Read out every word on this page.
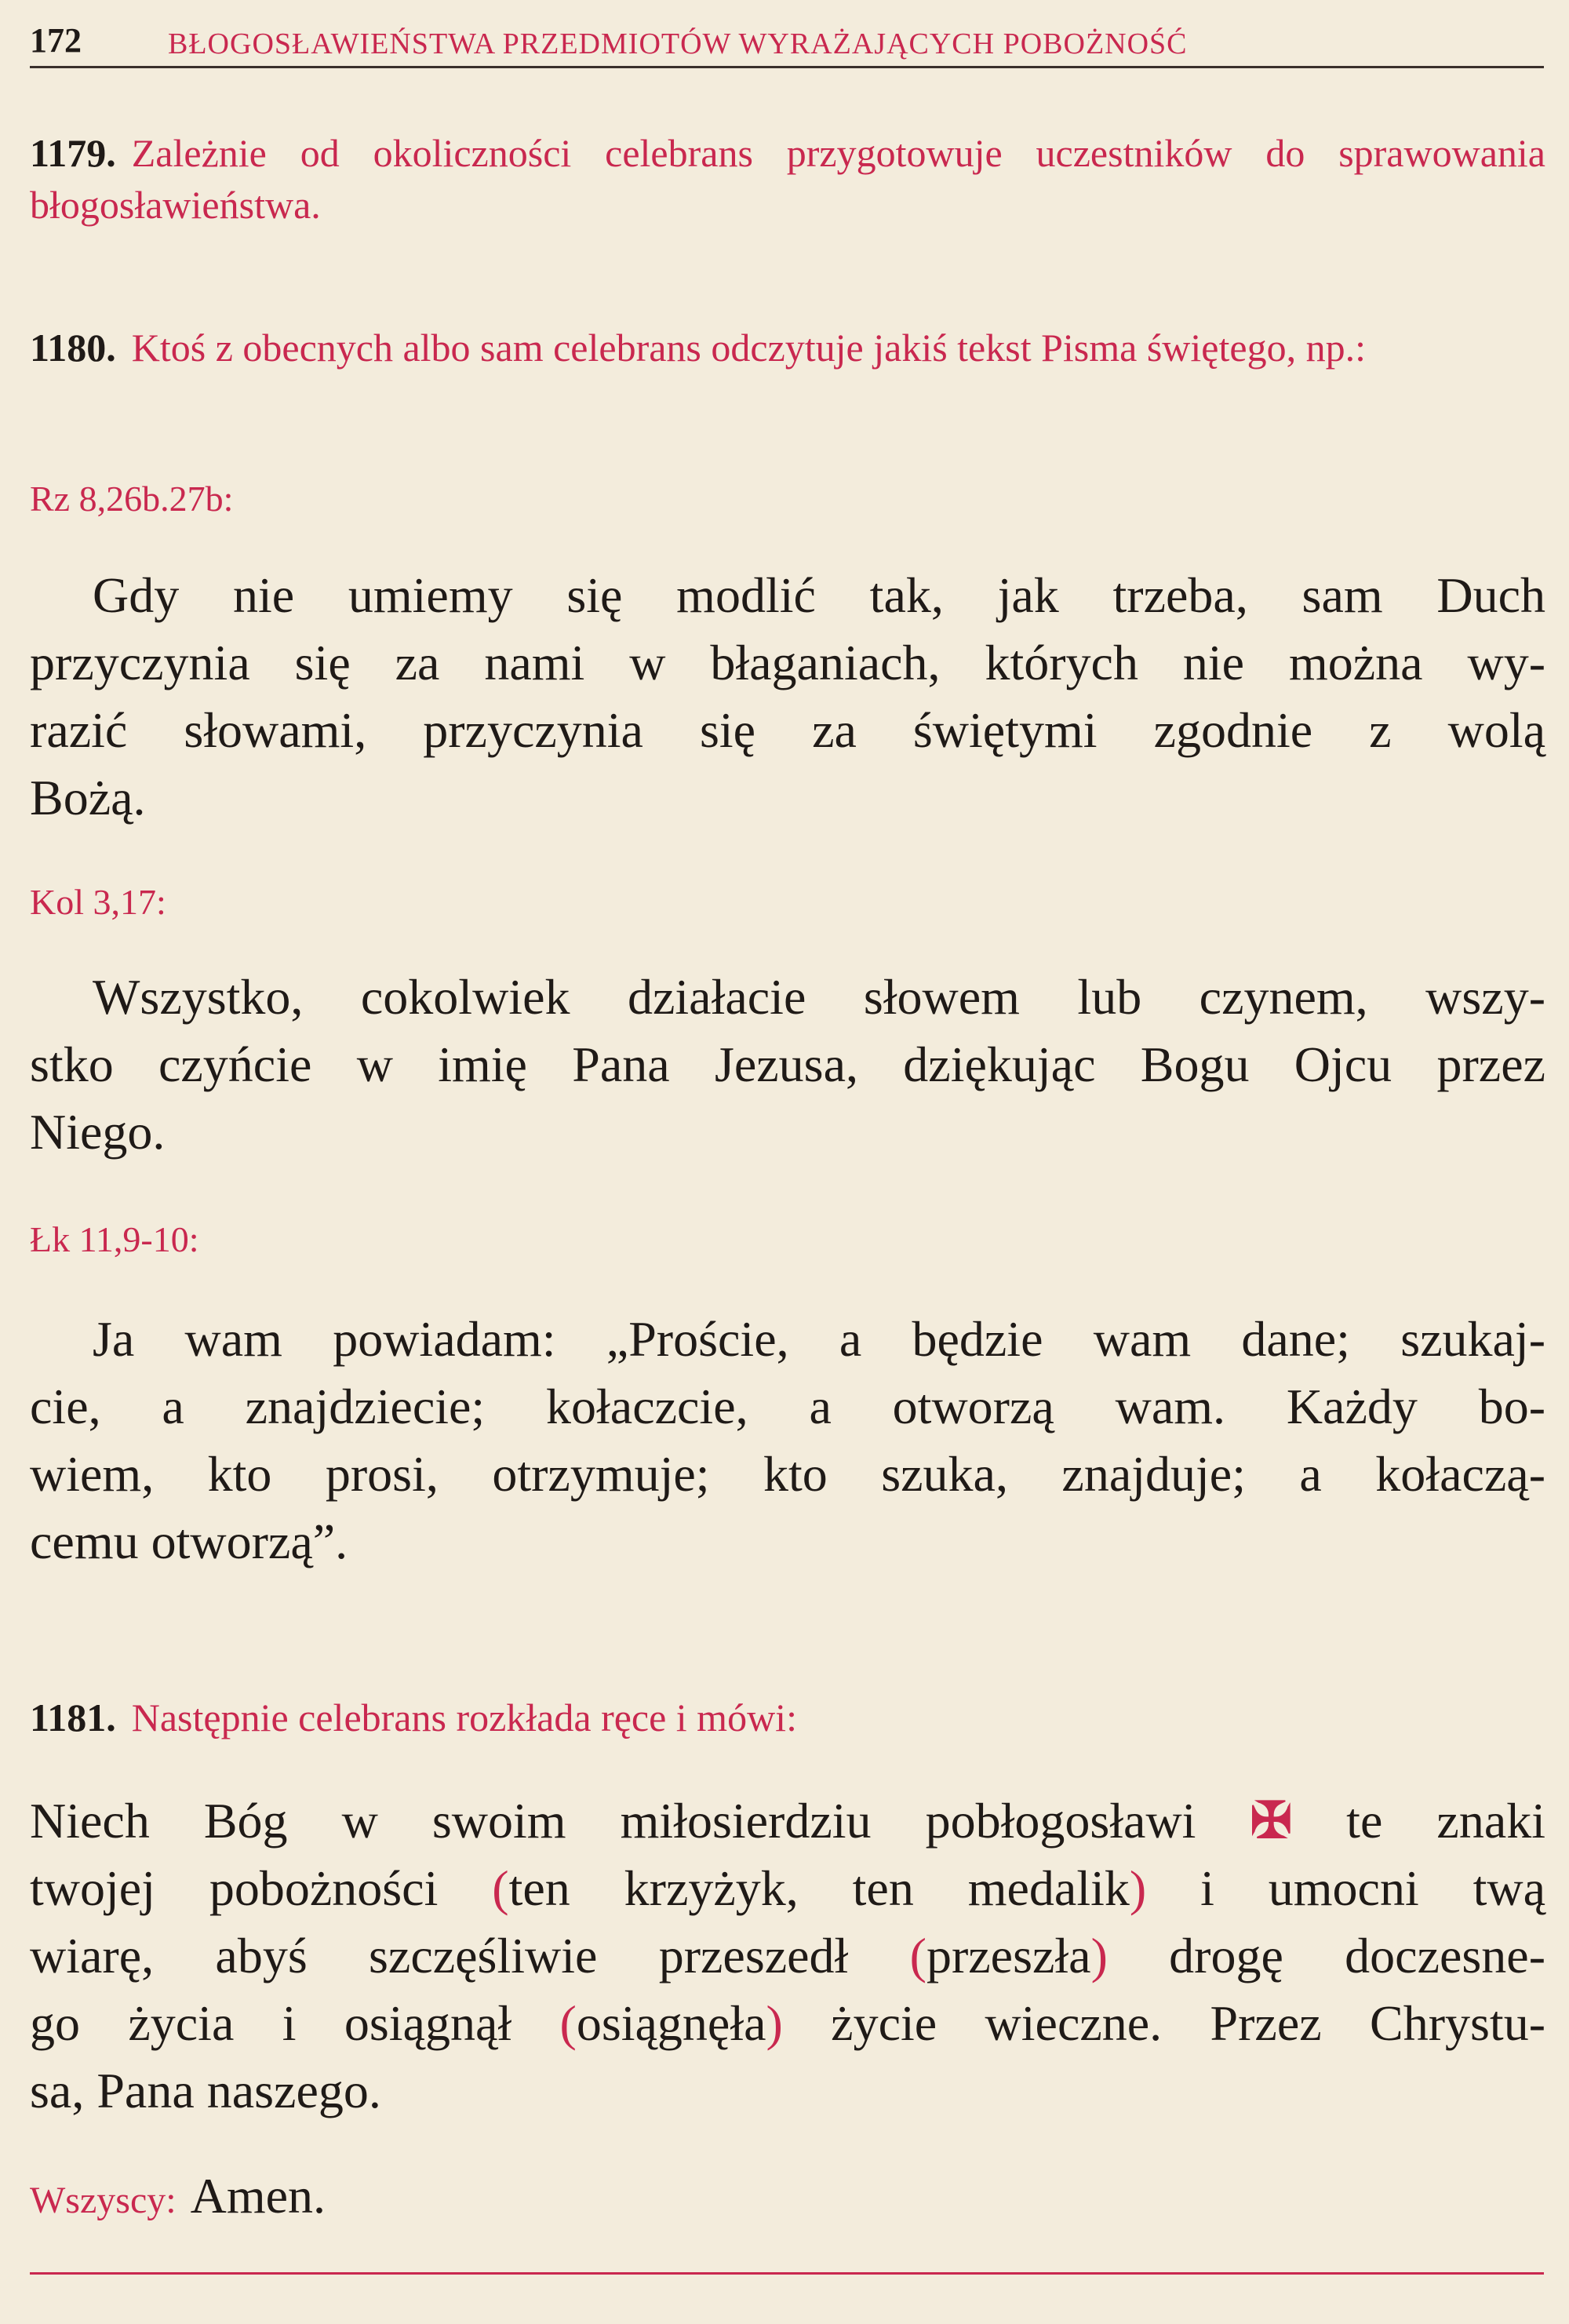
172	BŁOGOSŁAWIEŃSTWA PRZEDMIOTÓW WYRAŻAJĄCYCH POBOŻNOŚĆ
1179. Zależnie od okoliczności celebrans przygotowuje uczestników do sprawowania błogosławieństwa.
1180. Ktoś z obecnych albo sam celebrans odczytuje jakiś tekst Pisma świętego, np.:
Rz 8,26b.27b:
Gdy nie umiemy się modlić tak, jak trzeba, sam Duch
przyczynia się za nami w błaganiach, których nie można wy-
razić słowami, przyczynia się za świętymi zgodnie z wolą
Bożą.
Kol 3,17:
Wszystko, cokolwiek działacie słowem lub czynem, wszy-
stko czyńcie w imię Pana Jezusa, dziękując Bogu Ojcu przez
Niego.
Łk 11,9-10:
Ja wam powiadam: „Proście, a będzie wam dane; szukaj-
cie, a znajdziecie; kołaczcie, a otworzą wam. Każdy bo-
wiem, kto prosi, otrzymuje; kto szuka, znajduje; a kołaczą-
cemu otworzą”.
1181. Następnie celebrans rozkłada ręce i mówi:
Niech Bóg w swoim miłosierdziu pobłogosławi ✠ te znaki
twojej pobożności (ten krzyżyk, ten medalik) i umocni twą
wiarę, abyś szczęśliwie przeszedł (przeszła) drogę doczesne-
go życia i osiągnął (osiągnęła) życie wieczne. Przez Chrystu-
sa, Pana naszego.
Wszyscy: Amen.
